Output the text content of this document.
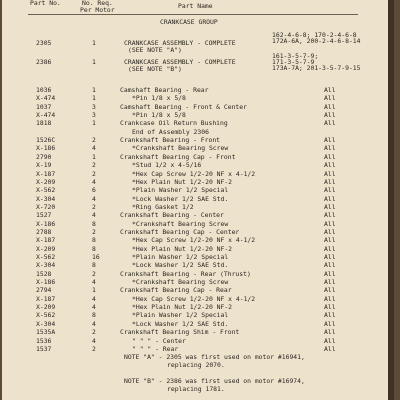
Part No.	No. Req.
Per Motor	Part Name
CRANKCASE GROUP
2305	1	CRANKCASE ASSEMBLY - COMPLETE
(SEE NOTE "A")
162-4-6-8; 170-2-4-6-8
172A-6A, 200-2-4-6-8-14
2386	1	CRANKCASE ASSEMBLY - COMPLETE
(SEE NOTE "B")
161-3-5-7-9;
171-3-5-7-9
173A-7A; 201-3-5-7-9-15
1036	1	Camshaft Bearing - Rear	All
X-474	1	*Pin 1/8 x 5/8	All
1037	3	Camshaft Bearing - Front & Center	All
X-474	3	*Pin 1/8 x 5/8	All
1818	1	Crankcase Oil Return Bushing	All
End of Assembly 2306
1526C	2	Crankshaft Bearing - Front	All
X-186	4	*Crankshaft Bearing Screw	All
2790	1	Crankshaft Bearing Cap - Front	All
X-19	2	*Stud 1/2 x 4-5/16	All
X-187	2	*Hex Cap Screw 1/2-20 NF x 4-1/2	All
X-209	4	*Hex Plain Nut 1/2-20 NF-2	All
X-562	6	*Plain Washer 1/2 Special	All
X-304	4	*Lock Washer 1/2 SAE Std.	All
X-720	2	*Ring Gasket 1/2	All
1527	4	Crankshaft Bearing - Center	All
X-186	8	*Crankshaft Bearing Screw	All
2788	2	Crankshaft Bearing Cap - Center	All
X-187	8	*Hex Cap Screw 1/2-20 NF x 4-1/2	All
X-209	8	*Hex Plain Nut 1/2-20 NF-2	All
X-562	16	*Plain Washer 1/2 Special	All
X-304	8	*Lock Washer 1/2 SAE Std.	All
1528	2	Crankshaft Bearing - Rear (Thrust)	All
X-186	4	*Crankshaft Bearing Screw	All
2794	1	Crankshaft Bearing Cap - Rear	All
X-187	4	*Hex Cap Screw 1/2-20 NF x 4-1/2	All
X-209	4	*Hex Plain Nut 1/2-20 NF-2	All
X-562	8	*Plain Washer 1/2 Special	All
X-304	4	*Lock Washer 1/2 SAE Std.	All
1535A	2	Crankshaft Bearing Shim - Front	All
1536	4	" " " - Center	All
1537	2	" " " - Rear	All
NOTE "A" - 2305 was first used on motor #16941,
replacing 2070.
NOTE "B" - 2386 was first used on motor #16974,
replacing 1781.
